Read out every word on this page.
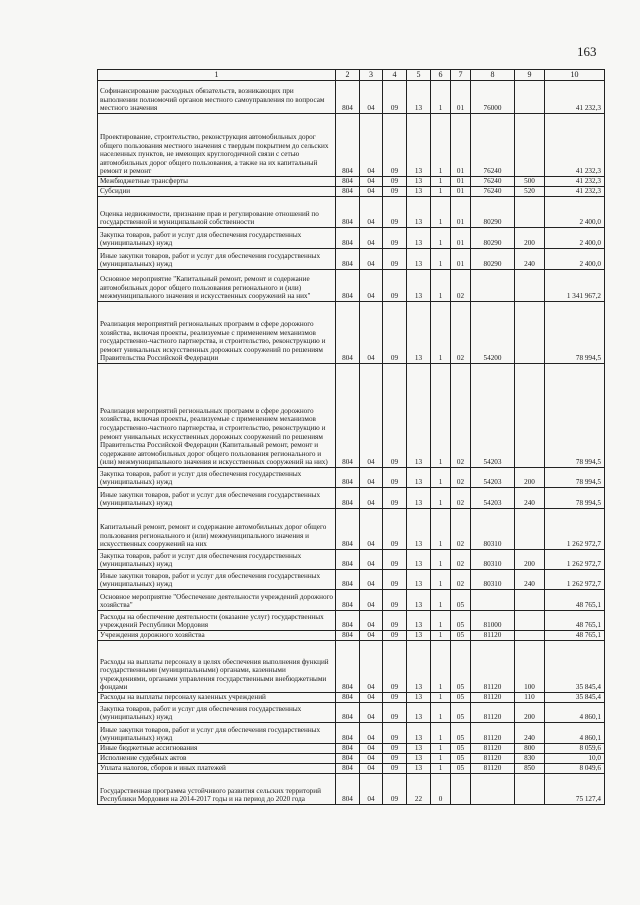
163
1	2	3	4	5	6	7	8	9	10
Софинансирование расходных обязательств, возникающих при выполнении полномочий органов местного самоуправления по вопросам местного значения	804	04	09	13	1	01	76000		41 232,3
Проектирование, строительство, реконструкция автомобильных дорог общего пользования местного значения с твердым покрытием до сельских населенных пунктов, не имеющих круглогодичной связи с сетью автомобильных дорог общего пользования, а также на их капитальный ремонт и ремонт	804	04	09	13	1	01	76240		41 232,3
Межбюджетные трансферты	804	04	09	13	1	01	76240	500	41 232,3
Субсидии	804	04	09	13	1	01	76240	520	41 232,3
Оценка недвижимости, признание прав и регулирование отношений по государственной и муниципальной собственности	804	04	09	13	1	01	80290		2 400,0
Закупка товаров, работ и услуг для обеспечения государственных (муниципальных) нужд	804	04	09	13	1	01	80290	200	2 400,0
Иные закупки товаров, работ и услуг для обеспечения государственных (муниципальных) нужд	804	04	09	13	1	01	80290	240	2 400,0
Основное мероприятие "Капитальный ремонт, ремонт и содержание автомобильных дорог общего пользования регионального и (или) межмуниципального значения и искусственных сооружений на них"	804	04	09	13	1	02			1 341 967,2
Реализация мероприятий региональных программ в сфере дорожного хозяйства, включая проекты, реализуемые с применением механизмов государственно-частного партнерства, и строительство, реконструкцию и ремонт уникальных искусственных дорожных сооружений по решениям Правительства Российской Федерации	804	04	09	13	1	02	54200		78 994,5
Реализация мероприятий региональных программ в сфере дорожного хозяйства, включая проекты, реализуемые с применением механизмов государственно-частного партнерства, и строительство, реконструкцию и ремонт уникальных искусственных дорожных сооружений по решениям Правительства Российской Федерации (Капитальный ремонт, ремонт и содержание автомобильных дорог общего пользования регионального и (или) межмуниципального значения и искусственных сооружений на них)	804	04	09	13	1	02	54203		78 994,5
Закупка товаров, работ и услуг для обеспечения государственных (муниципальных) нужд	804	04	09	13	1	02	54203	200	78 994,5
Иные закупки товаров, работ и услуг для обеспечения государственных (муниципальных) нужд	804	04	09	13	1	02	54203	240	78 994,5
Капитальный ремонт, ремонт и содержание автомобильных дорог общего пользования регионального и (или) межмуниципального значения и искусственных сооружений на них	804	04	09	13	1	02	80310		1 262 972,7
Закупка товаров, работ и услуг для обеспечения государственных (муниципальных) нужд	804	04	09	13	1	02	80310	200	1 262 972,7
Иные закупки товаров, работ и услуг для обеспечения государственных (муниципальных) нужд	804	04	09	13	1	02	80310	240	1 262 972,7
Основное мероприятие "Обеспечение деятельности учреждений дорожного хозяйства"	804	04	09	13	1	05			48 765,1
Расходы на обеспечение деятельности (оказание услуг) государственных учреждений Республики Мордовия	804	04	09	13	1	05	81000		48 765,1
Учреждения дорожного хозяйства	804	04	09	13	1	05	81120		48 765,1
Расходы на выплаты персоналу в целях обеспечения выполнения функций государственными (муниципальными) органами, казенными учреждениями, органами управления государственными внебюджетными фондами	804	04	09	13	1	05	81120	100	35 845,4
Расходы на выплаты персоналу казенных учреждений	804	04	09	13	1	05	81120	110	35 845,4
Закупка товаров, работ и услуг для обеспечения государственных (муниципальных) нужд	804	04	09	13	1	05	81120	200	4 860,1
Иные закупки товаров, работ и услуг для обеспечения государственных (муниципальных) нужд	804	04	09	13	1	05	81120	240	4 860,1
Иные бюджетные ассигнования	804	04	09	13	1	05	81120	800	8 059,6
Исполнение судебных актов	804	04	09	13	1	05	81120	830	10,0
Уплата налогов, сборов и иных платежей	804	04	09	13	1	05	81120	850	8 049,6
Государственная программа устойчивого развития сельских территорий Республики Мордовия на 2014-2017 годы и на период до 2020 года	804	04	09	22	0				75 127,4
